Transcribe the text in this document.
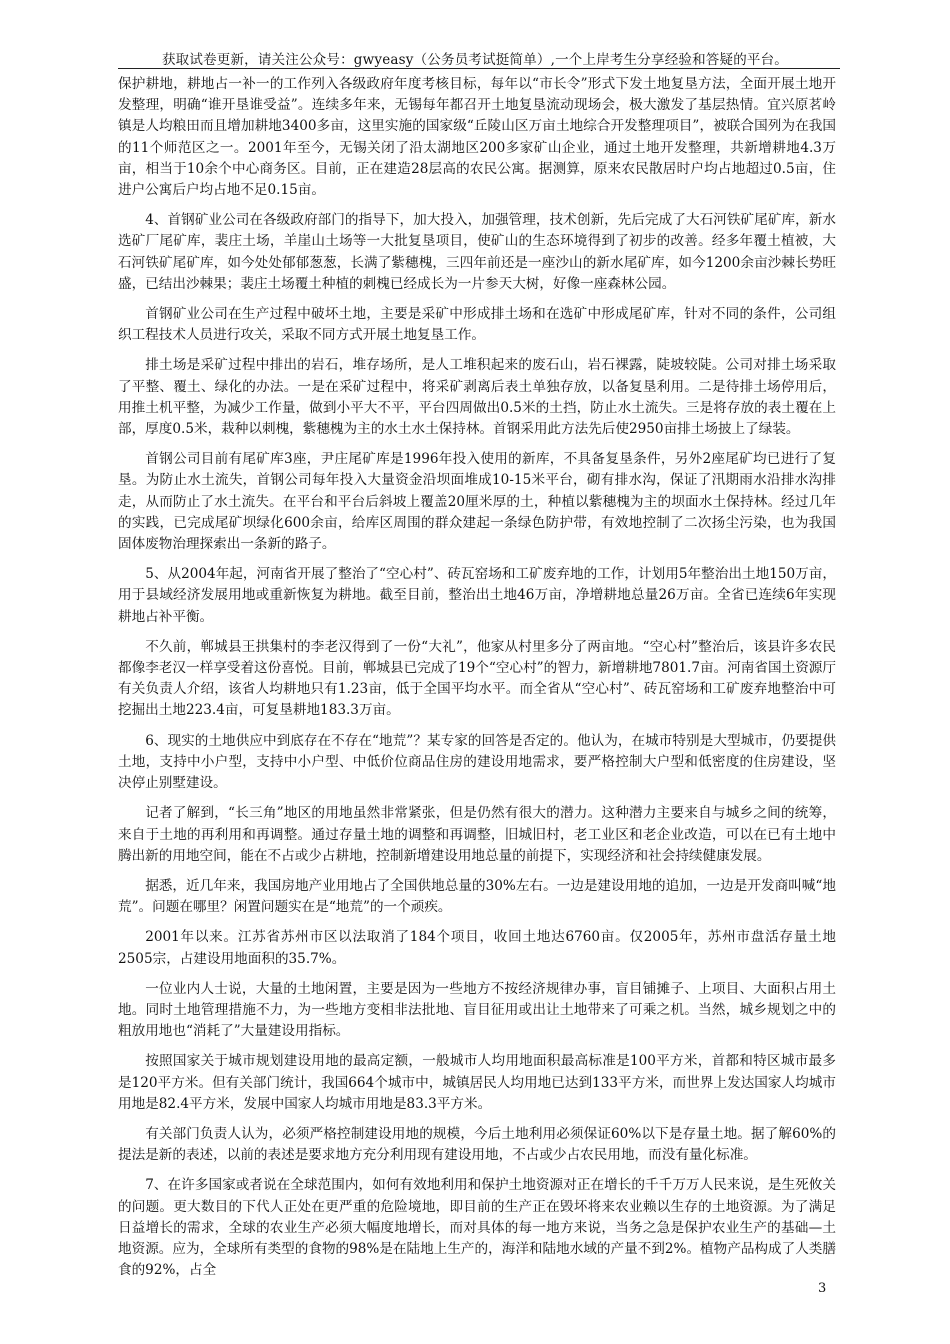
获取试卷更新，请关注公众号：gwyeasy（公务员考试挺简单）,一个上岸考生分享经验和答疑的平台。

保护耕地，耕地占一补一的工作列入各级政府年度考核目标，每年以“市长令”形式下发土地复垦方法，全面开展土地开发整理，明确“谁开垦谁受益”。连续多年来，无锡每年都召开土地复垦流动现场会，极大激发了基层热情。宜兴原茗岭镇是人均粮田而且增加耕地3400多亩，这里实施的国家级“丘陵山区万亩土地综合开发整理项目”，被联合国列为在我国的11个师范区之一。2001年至今，无锡关闭了沿太湖地区200多家矿山企业，通过土地开发整理，共新增耕地4.3万亩，相当于10余个中心商务区。目前，正在建造28层高的农民公寓。据测算，原来农民散居时户均占地超过0.5亩，住进户公寓后户均占地不足0.15亩。

4、首钢矿业公司在各级政府部门的指导下，加大投入，加强管理，技术创新，先后完成了大石河铁矿尾矿库，新水选矿厂尾矿库，裴庄土场，羊崖山土场等一大批复垦项目，使矿山的生态环境得到了初步的改善。经多年覆土植被，大石河铁矿尾矿库，如今处处郁郁葱葱，长满了紫穗槐，三四年前还是一座沙山的新水尾矿库，如今1200余亩沙棘长势旺盛，已结出沙棘果；裴庄土场覆土种植的刺槐已经成长为一片参天大树，好像一座森林公园。

首钢矿业公司在生产过程中破坏土地，主要是采矿中形成排土场和在选矿中形成尾矿库，针对不同的条件，公司组织工程技术人员进行攻关，采取不同方式开展土地复垦工作。

排土场是采矿过程中排出的岩石，堆存场所，是人工堆积起来的废石山，岩石裸露，陡坡较陡。公司对排土场采取了平整、覆土、绿化的办法。一是在采矿过程中，将采矿剥离后表土单独存放，以备复垦利用。二是待排土场停用后，用推土机平整，为减少工作量，做到小平大不平，平台四周做出0.5米的土挡，防止水土流失。三是将存放的表土覆在上部，厚度0.5米，栽种以刺槐，紫穗槐为主的水土水土保持林。首钢采用此方法先后使2950亩排土场披上了绿装。

首钢公司目前有尾矿库3座，尹庄尾矿库是1996年投入使用的新库，不具备复垦条件，另外2座尾矿均已进行了复垦。为防止水土流失，首钢公司每年投入大量资金沿坝面堆成10-15米平台，砌有排水沟，保证了汛期雨水沿排水沟排走，从而防止了水土流失。在平台和平台后斜坡上覆盖20厘米厚的土，种植以紫穗槐为主的坝面水土保持林。经过几年的实践，已完成尾矿坝绿化600余亩，给库区周围的群众建起一条绿色防护带，有效地控制了二次扬尘污染，也为我国固体废物治理探索出一条新的路子。

5、从2004年起，河南省开展了整治了“空心村”、砖瓦窑场和工矿废弃地的工作，计划用5年整治出土地150万亩，用于县域经济发展用地或重新恢复为耕地。截至目前，整治出土地46万亩，净增耕地总量26万亩。全省已连续6年实现耕地占补平衡。

不久前，郸城县王拱集村的李老汉得到了一份“大礼”，他家从村里多分了两亩地。“空心村”整治后，该县许多农民都像李老汉一样享受着这份喜悦。目前，郸城县已完成了19个“空心村”的智力，新增耕地7801.7亩。河南省国土资源厅有关负责人介绍，该省人均耕地只有1.23亩，低于全国平均水平。而全省从“空心村”、砖瓦窑场和工矿废弃地整治中可挖掘出土地223.4亩，可复垦耕地183.3万亩。

6、现实的土地供应中到底存在不存在“地荒”？某专家的回答是否定的。他认为，在城市特别是大型城市，仍要提供土地，支持中小户型，支持中小户型、中低价位商品住房的建设用地需求，要严格控制大户型和低密度的住房建设，坚决停止别墅建设。

记者了解到，“长三角”地区的用地虽然非常紧张，但是仍然有很大的潜力。这种潜力主要来自与城乡之间的统筹，来自于土地的再利用和再调整。通过存量土地的调整和再调整，旧城旧村，老工业区和老企业改造，可以在已有土地中腾出新的用地空间，能在不占或少占耕地，控制新增建设用地总量的前提下，实现经济和社会持续健康发展。

据悉，近几年来，我国房地产业用地占了全国供地总量的30%左右。一边是建设用地的追加，一边是开发商叫喊“地荒”。问题在哪里？闲置问题实在是“地荒”的一个顽疾。

2001年以来。江苏省苏州市区以法取消了184个项目，收回土地达6760亩。仅2005年，苏州市盘活存量土地2505宗，占建设用地面积的35.7%。

一位业内人士说，大量的土地闲置，主要是因为一些地方不按经济规律办事，盲目铺摊子、上项目、大面积占用土地。同时土地管理措施不力，为一些地方变相非法批地、盲目征用或出让土地带来了可乘之机。当然，城乡规划之中的粗放用地也“消耗了”大量建设用指标。

按照国家关于城市规划建设用地的最高定额，一般城市人均用地面积最高标准是100平方米，首都和特区城市最多是120平方米。但有关部门统计，我国664个城市中，城镇居民人均用地已达到133平方米，而世界上发达国家人均城市用地是82.4平方米，发展中国家人均城市用地是83.3平方米。

有关部门负责人认为，必须严格控制建设用地的规模，今后土地利用必须保证60%以下是存量土地。据了解60%的提法是新的表述，以前的表述是要求地方充分利用现有建设用地，不占或少占农民用地，而没有量化标准。

7、在许多国家或者说在全球范围内，如何有效地利用和保护土地资源对正在增长的千千万万人民来说，是生死攸关的问题。更大数目的下代人正处在更严重的危险境地，即目前的生产正在毁坏将来农业赖以生存的土地资源。为了满足日益增长的需求，全球的农业生产必须大幅度地增长，而对具体的每一地方来说，当务之急是保护农业生产的基础—土地资源。应为，全球所有类型的食物的98%是在陆地上生产的，海洋和陆地水域的产量不到2%。植物产品构成了人类膳食的92%，占全

3
